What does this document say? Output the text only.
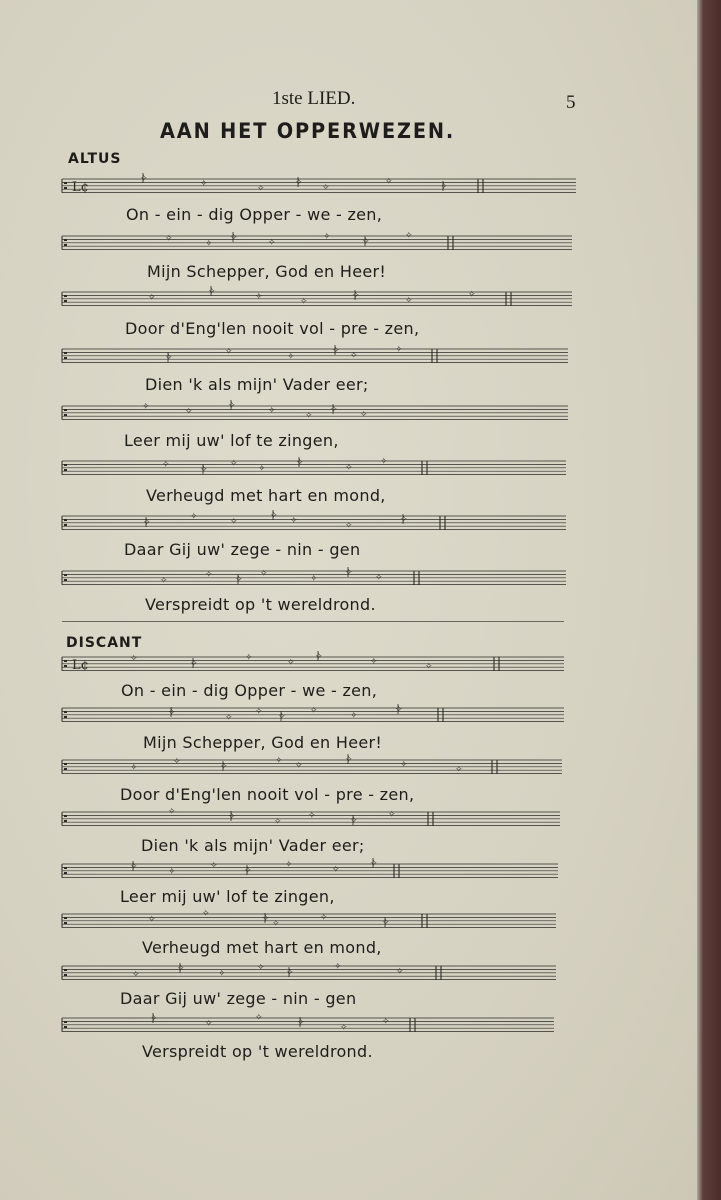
1ste LIED.	5
AAN HET OPPERWEZEN.
ALTUS
L¢
✧	✧	✧
✧ ✧
✧	✧
On - ein - dig Opper - we - zen,
✧	✧
✧	✧
✧	✧
✧
Mijn Schepper, God en Heer!
✧
✧	✧	✧
✧	✧
✧
Door d'Eng'len nooit vol - pre - zen,
✧
✧	✧
✧ ✧
✧
Dien 'k als mijn' Vader eer;
✧	✧
✧	✧	✧
✧ ✧
Leer mij uw' lof te zingen,
✧	✧
✧ ✧
✧	✧
✧
Verheugd met hart en mond,
✧
✧	✧
✧ ✧	✧
✧
Daar Gij uw' zege - nin - gen
✧
✧ ✧
✧	✧
✧ ✧
Verspreidt op 't wereldrond.
DISCANT
L¢	✧	✧
✧	✧
✧	✧	✧
On - ein - dig Opper - we - zen,
✧	✧
✧ ✧
✧	✧
✧
Mijn Schepper, God en Heer!
✧
✧	✧
✧ ✧
✧	✧	✧
Door d'Eng'len nooit vol - pre - zen,
✧	✧	✧
✧	✧
✧
Dien 'k als mijn' Vader eer;
✧	✧
✧	✧
✧	✧
✧
Leer mij uw' lof te zingen,
✧
✧	✧ ✧
✧	✧
Verheugd met hart en mond,
✧
✧	✧
✧ ✧
✧	✧
Daar Gij uw' zege - nin - gen
✧	✧
✧	✧	✧
✧
Verspreidt op 't wereldrond.
